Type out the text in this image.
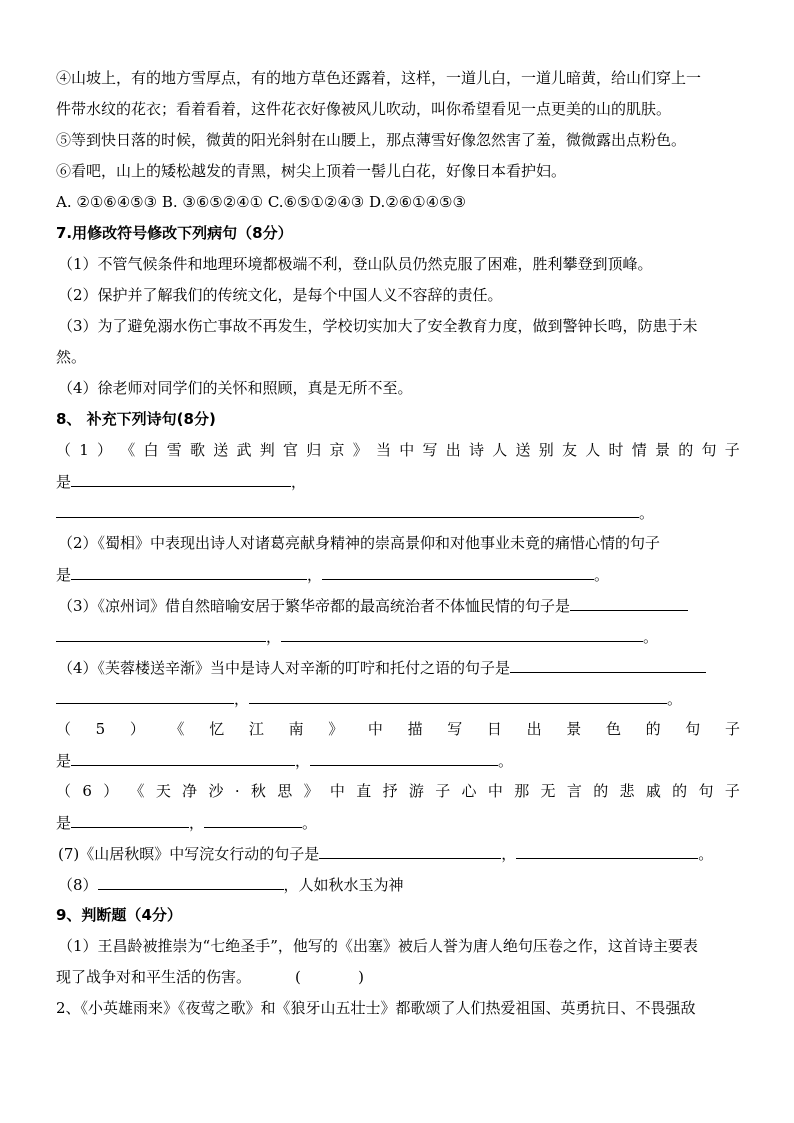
④山坡上，有的地方雪厚点，有的地方草色还露着，这样，一道儿白，一道儿暗黄，给山们穿上一
件带水纹的花衣；看着看着，这件花衣好像被风儿吹动，叫你希望看见一点更美的山的肌肤。
⑤等到快日落的时候，微黄的阳光斜射在山腰上，那点薄雪好像忽然害了羞，微微露出点粉色。
⑥看吧，山上的矮松越发的青黑，树尖上顶着一髻儿白花，好像日本看护妇。
A. ②①⑥④⑤③ B. ③⑥⑤②④① C.⑥⑤①②④③ D.②⑥①④⑤③
7.用修改符号修改下列病句（8分）
（1）不管气候条件和地理环境都极端不利，登山队员仍然克服了困难，胜利攀登到顶峰。
（2）保护并了解我们的传统文化，是每个中国人义不容辞的责任。
（3）为了避免溺水伤亡事故不再发生，学校切实加大了安全教育力度，做到警钟长鸣，防患于未
然。
（4）徐老师对同学们的关怀和照顾，真是无所不至。
8、 补充下列诗句(8分)
（ 1 ） 《 白 雪 歌 送 武 判 官 归 京 》 当 中 写 出 诗 人 送 别 友 人 时 情 景 的 句 子
是	，
。
（2）《蜀相》中表现出诗人对诸葛亮献身精神的崇高景仰和对他事业未竟的痛惜心情的句子
是	，	。
（3）《凉州词》借自然暗喻安居于繁华帝都的最高统治者不体恤民情的句子是
，	。
（4）《芙蓉楼送辛渐》当中是诗人对辛渐的叮咛和托付之语的句子是
，	。
（ 5 ） 《 忆 江 南 》 中 描 写 日 出 景 色 的 句 子
是	，	。
（ 6 ） 《 天 净 沙 · 秋 思 》 中 直 抒 游 子 心 中 那 无 言 的 悲 戚 的 句 子
是	，	。
(7)《山居秋暝》中写浣女行动的句子是	，	。
（8）	，人如秋水玉为神
9、判断题（4分）
（1）王昌龄被推崇为“七绝圣手”，他写的《出塞》被后人誉为唐人绝句压卷之作，这首诗主要表
现了战争对和平生活的伤害。	(            )
2、《小英雄雨来》《夜莺之歌》和《狼牙山五壮士》都歌颂了人们热爱祖国、英勇抗日、不畏强敌
